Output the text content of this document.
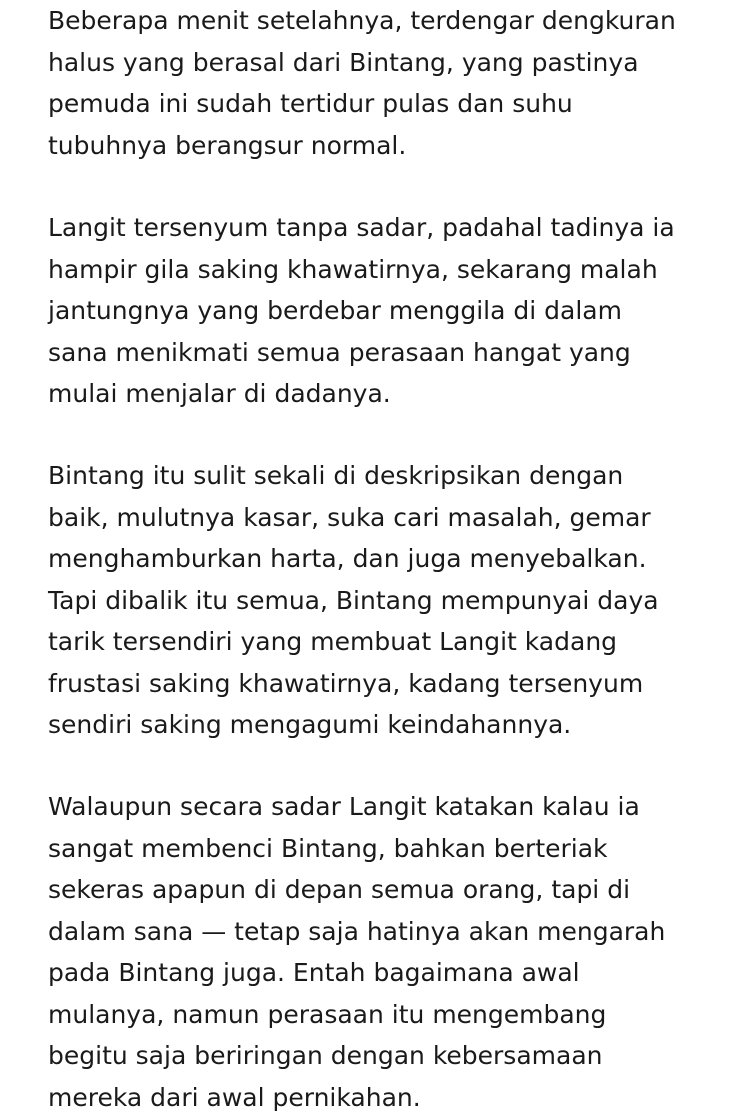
Beberapa menit setelahnya, terdengar dengkuran
halus yang berasal dari Bintang, yang pastinya
pemuda ini sudah tertidur pulas dan suhu
tubuhnya berangsur normal.

Langit tersenyum tanpa sadar, padahal tadinya ia
hampir gila saking khawatirnya, sekarang malah
jantungnya yang berdebar menggila di dalam
sana menikmati semua perasaan hangat yang
mulai menjalar di dadanya.

Bintang itu sulit sekali di deskripsikan dengan
baik, mulutnya kasar, suka cari masalah, gemar
menghamburkan harta, dan juga menyebalkan.
Tapi dibalik itu semua, Bintang mempunyai daya
tarik tersendiri yang membuat Langit kadang
frustasi saking khawatirnya, kadang tersenyum
sendiri saking mengagumi keindahannya.

Walaupun secara sadar Langit katakan kalau ia
sangat membenci Bintang, bahkan berteriak
sekeras apapun di depan semua orang, tapi di
dalam sana — tetap saja hatinya akan mengarah
pada Bintang juga. Entah bagaimana awal
mulanya, namun perasaan itu mengembang
begitu saja beriringan dengan kebersamaan
mereka dari awal pernikahan.
